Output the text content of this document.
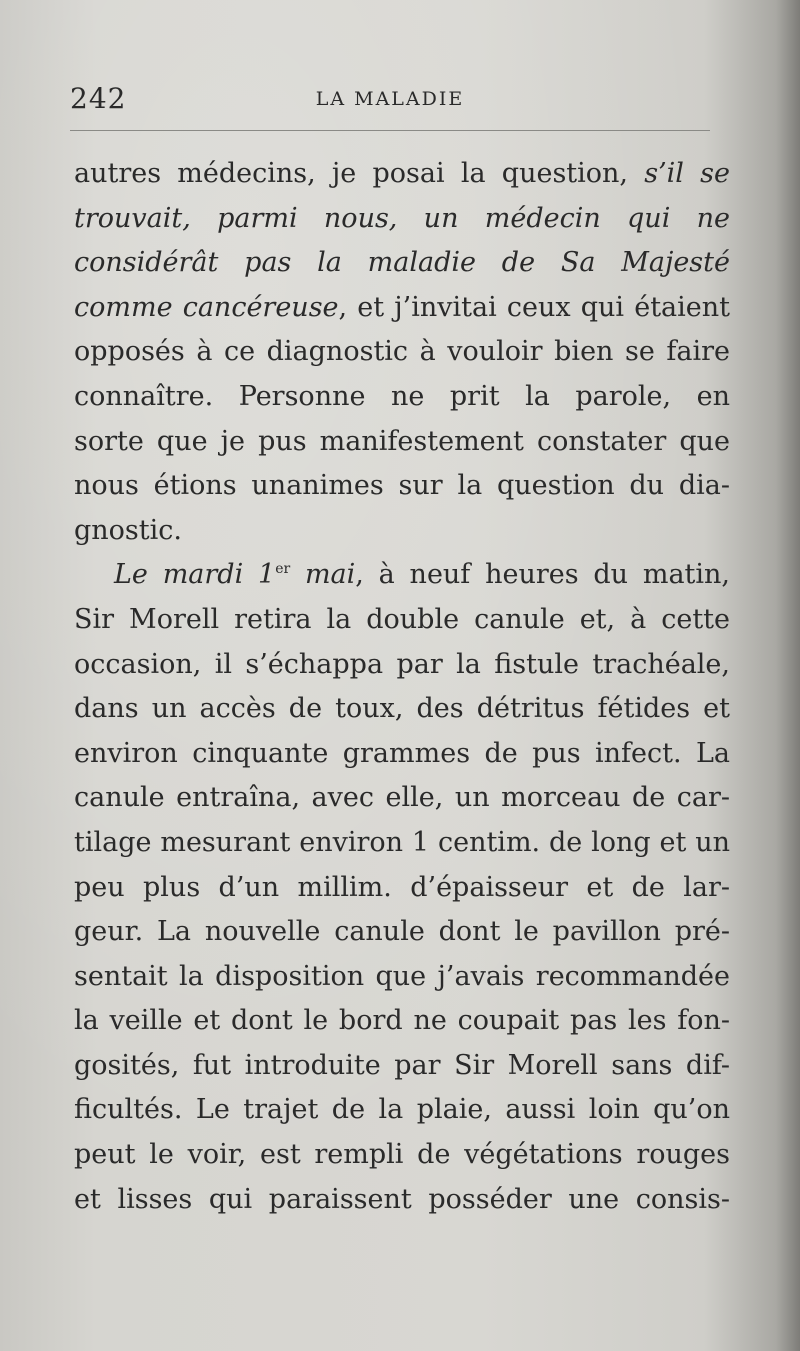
242	LA MALADIE
autres médecins, je posai la question, s’il se
trouvait, parmi nous, un médecin qui ne
considérât pas la maladie de Sa Majesté
comme cancéreuse, et j’invitai ceux qui étaient
opposés à ce diagnostic à vouloir bien se faire
connaître. Personne ne prit la parole, en
sorte que je pus manifestement constater que
nous étions unanimes sur la question du dia-
gnostic.
Le mardi 1er mai, à neuf heures du matin,
Sir Morell retira la double canule et, à cette
occasion, il s’échappa par la fistule trachéale,
dans un accès de toux, des détritus fétides et
environ cinquante grammes de pus infect. La
canule entraîna, avec elle, un morceau de car-
tilage mesurant environ 1 centim. de long et un
peu plus d’un millim. d’épaisseur et de lar-
geur. La nouvelle canule dont le pavillon pré-
sentait la disposition que j’avais recommandée
la veille et dont le bord ne coupait pas les fon-
gosités, fut introduite par Sir Morell sans dif-
ficultés. Le trajet de la plaie, aussi loin qu’on
peut le voir, est rempli de végétations rouges
et lisses qui paraissent posséder une consis-
